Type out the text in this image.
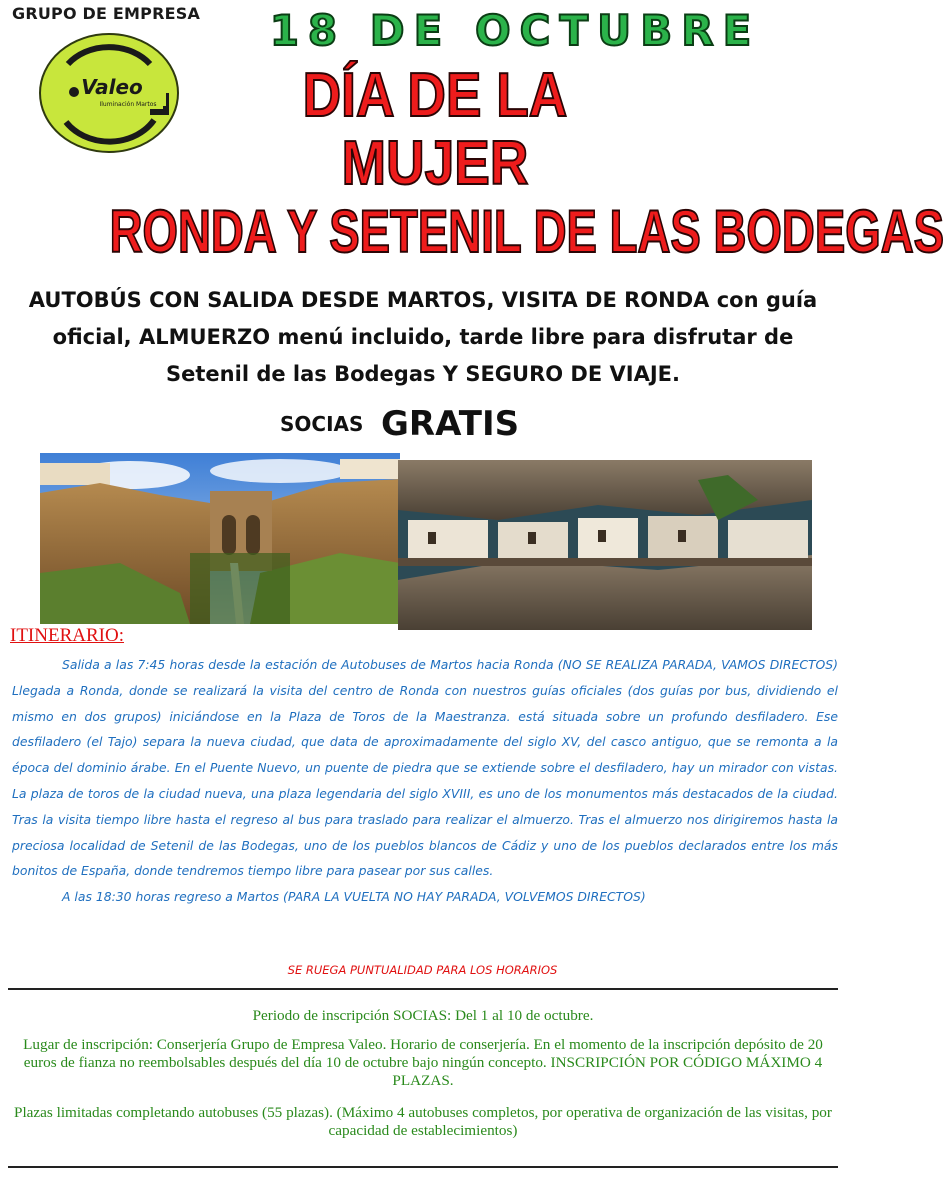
GRUPO DE EMPRESA
Valeo
Iluminación Martos
18 DE OCTUBRE
DÍA DE LA MUJER
RONDA Y SETENIL DE LAS BODEGAS
AUTOBÚS CON SALIDA DESDE MARTOS, VISITA DE RONDA con guía oficial, ALMUERZO menú incluido, tarde libre para disfrutar de Setenil de las Bodegas Y SEGURO DE VIAJE.
SOCIAS GRATIS
ITINERARIO:

Salida a las 7:45 horas desde la estación de Autobuses de Martos hacia Ronda (NO SE REALIZA PARADA, VAMOS DIRECTOS) Llegada a Ronda, donde se realizará la visita del centro de Ronda con nuestros guías oficiales (dos guías por bus, dividiendo el mismo en dos grupos) iniciándose en la Plaza de Toros de la Maestranza. está situada sobre un profundo desfiladero. Ese desfiladero (el Tajo) separa la nueva ciudad, que data de aproximadamente del siglo XV, del casco antiguo, que se remonta a la época del dominio árabe. En el Puente Nuevo, un puente de piedra que se extiende sobre el desfiladero, hay un mirador con vistas. La plaza de toros de la ciudad nueva, una plaza legendaria del siglo XVIII, es uno de los monumentos más destacados de la ciudad. Tras la visita tiempo libre hasta el regreso al bus para traslado para realizar el almuerzo. Tras el almuerzo nos dirigiremos hasta la preciosa localidad de Setenil de las Bodegas, uno de los pueblos blancos de Cádiz y uno de los pueblos declarados entre los más bonitos de España, donde tendremos tiempo libre para pasear por sus calles.

A las 18:30 horas regreso a Martos (PARA LA VUELTA NO HAY PARADA, VOLVEMOS DIRECTOS)

SE RUEGA PUNTUALIDAD PARA LOS HORARIOS
Periodo de inscripción SOCIAS: Del 1 al 10 de octubre.
Lugar de inscripción: Conserjería Grupo de Empresa Valeo. Horario de conserjería. En el momento de la inscripción depósito de 20 euros de fianza no reembolsables después del día 10 de octubre bajo ningún concepto. INSCRIPCIÓN POR CÓDIGO MÁXIMO 4 PLAZAS.
Plazas limitadas completando autobuses (55 plazas). (Máximo 4 autobuses completos, por operativa de organización de las visitas, por capacidad de establecimientos)
